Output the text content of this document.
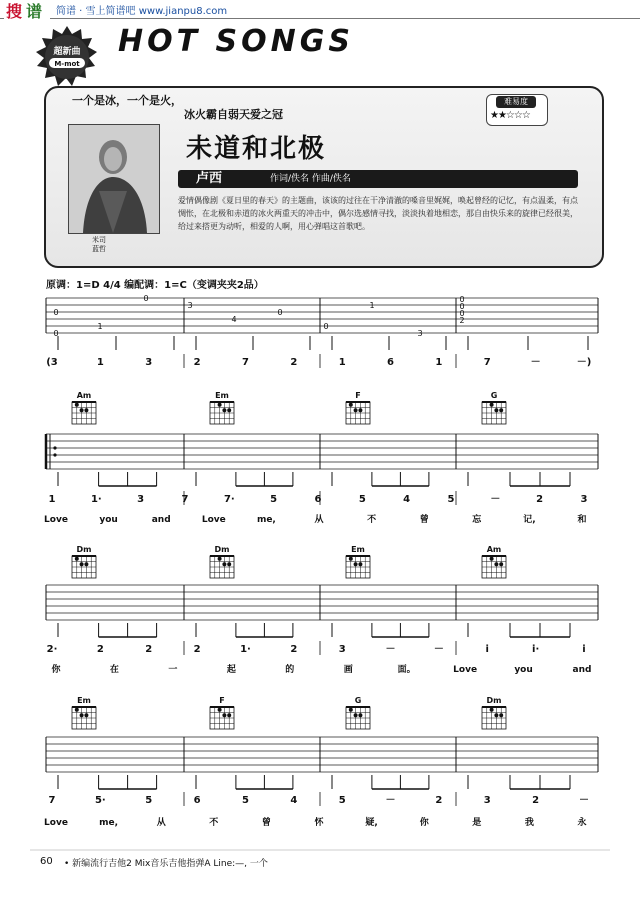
搜 谱 简谱 · 雪上简谱吧 www.jianpu8.com
超新曲
M-mot
HOT SONGS
一个是冰，一个是火，
冰火霸自弱天爱之冠
难易度
★★☆☆☆
米司
蓝哲
未道和北极
卢西	作词/佚名 作曲/佚名
爱情偶像剧《夏日里的春天》的主题曲，该该的过往在干净清澈的嗓音里娓娓，唤起曾经的记忆，有点温柔，有点惆怅，在北极和赤道的冰火两重天的冲击中，偶尔选感情寻找，淡淡执着地相恋，那自由快乐来的旋律已经很美，给过来搭更为动听，相爱的人啊，用心弹唱这首歌吧。
原调：1=D 4/4 编配调：1=C（变调夹夹2品）
0
0
1
0
3
4
0
0
1
3
0
0
0
2
(3	1	3	2	7	2	1	6	1	7	－	－)
Am	Em	F	G
1	1·	3	7	7·	5	6	5	4	5	－	2	3
Love	you	and	Love	me,	从	不	曾	忘	记,	和
Dm	Dm	Em	Am
2·	2	2	2	1·	2	3	－	－	i	i·	i
你	在	一	起	的	画	面。	Love	you	and
Em	F	G	Dm
7	5·	5	6	5	4	5	－	2	3	2	－
Love	me,	从	不	曾	怀	疑,	你	是	我	永
60 • 新编流行吉他2 Mix音乐吉他指弹A Line:—, 一个
